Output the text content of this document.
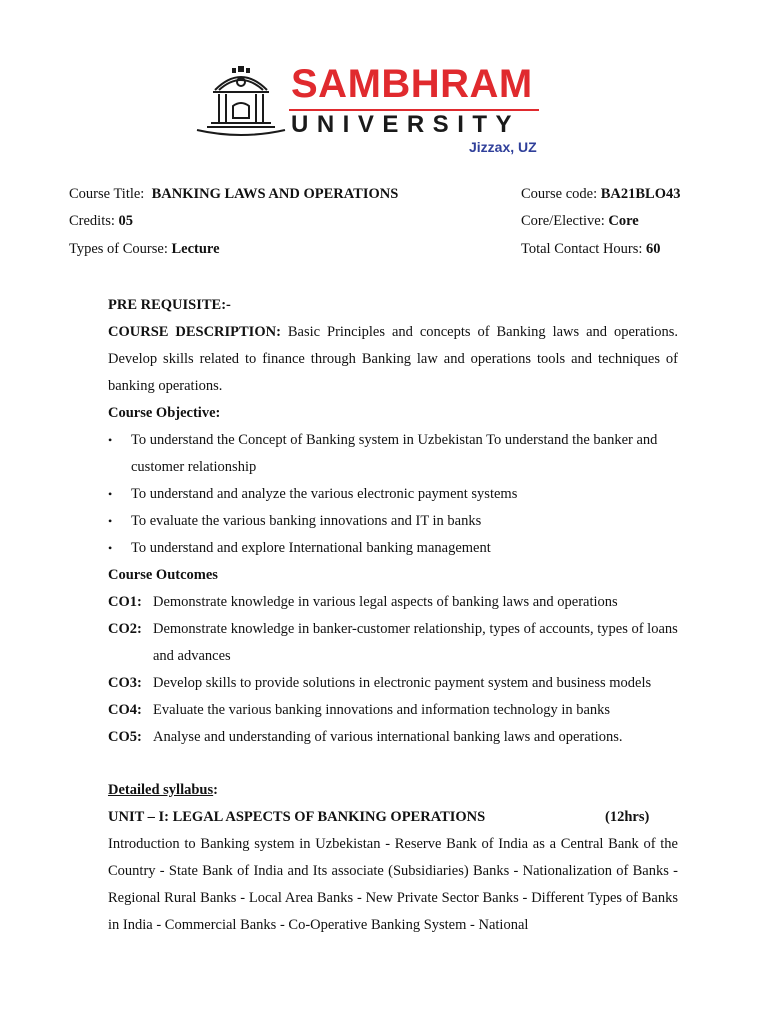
SAMBHRAM
UNIVERSITY
Jizzax, UZ
Course Title: BANKING LAWS AND OPERATIONS
Credits: 05
Types of Course: Lecture
Course code: BA21BLO43
Core/Elective: Core
Total Contact Hours: 60

PRE REQUISITE:-

COURSE DESCRIPTION: Basic Principles and concepts of Banking laws and operations. Develop skills related to finance through Banking law and operations tools and techniques of banking operations.

Course Objective:

• To understand the Concept of Banking system in Uzbekistan To understand the banker and customer relationship
• To understand and analyze the various electronic payment systems
• To evaluate the various banking innovations and IT in banks
• To understand and explore International banking management

Course Outcomes

CO1: Demonstrate knowledge in various legal aspects of banking laws and operations
CO2: Demonstrate knowledge in banker-customer relationship, types of accounts, types of loans and advances
CO3: Develop skills to provide solutions in electronic payment system and business models
CO4: Evaluate the various banking innovations and information technology in banks
CO5: Analyse and understanding of various international banking laws and operations.

Detailed syllabus:

UNIT – I: LEGAL ASPECTS OF BANKING OPERATIONS	(12hrs)

Introduction to Banking system in Uzbekistan - Reserve Bank of India as a Central Bank of the Country - State Bank of India and Its associate (Subsidiaries) Banks - Nationalization of Banks - Regional Rural Banks - Local Area Banks - New Private Sector Banks - Different Types of Banks in India - Commercial Banks - Co-Operative Banking System - National
